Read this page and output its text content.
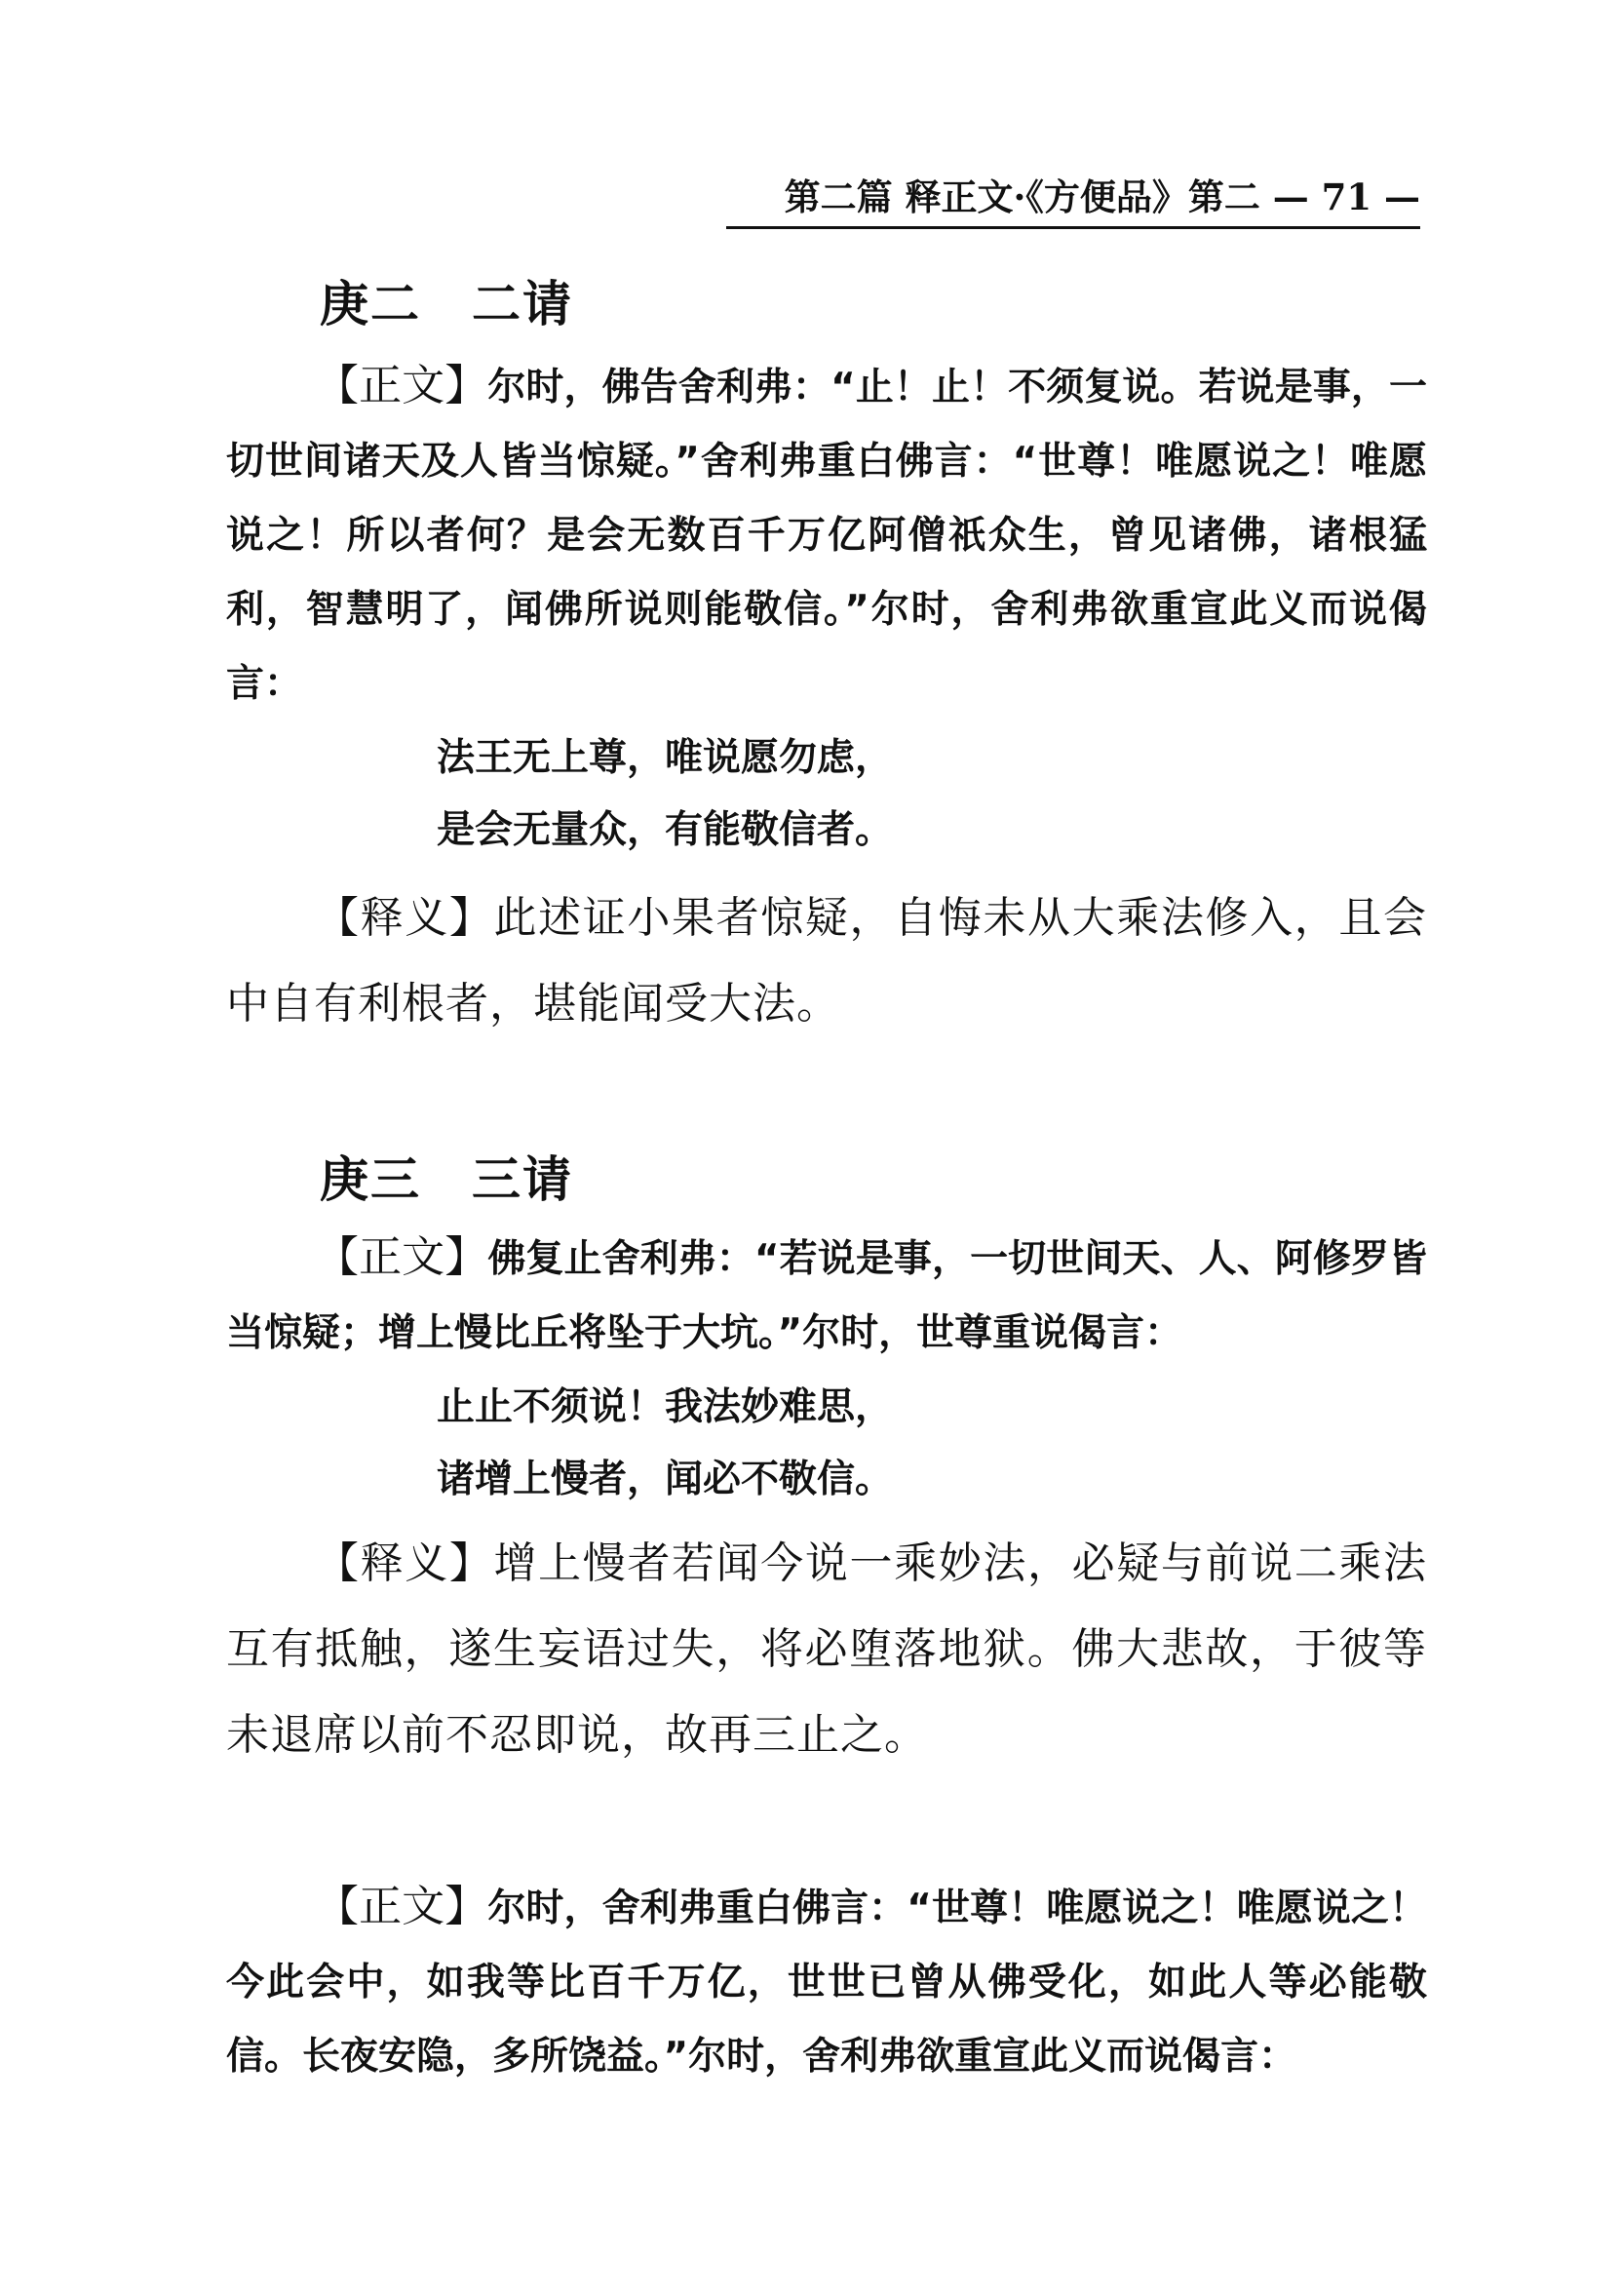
第二篇 释正文·《方便品》第二 — 71 —
庚二　二请

【正文】尔时，佛告舍利弗：“止！止！不须复说。若说是事，一切世间诸天及人皆当惊疑。”舍利弗重白佛言：“世尊！唯愿说之！唯愿说之！所以者何？是会无数百千万亿阿僧祇众生，曾见诸佛，诸根猛利，智慧明了，闻佛所说则能敬信。”尔时，舍利弗欲重宣此义而说偈言：

法王无上尊，唯说愿勿虑，

是会无量众，有能敬信者。

【释义】此述证小果者惊疑，自悔未从大乘法修入，且会中自有利根者，堪能闻受大法。

庚三　三请

【正文】佛复止舍利弗：“若说是事，一切世间天、人、阿修罗皆当惊疑；增上慢比丘将坠于大坑。”尔时，世尊重说偈言：

止止不须说！我法妙难思，

诸增上慢者，闻必不敬信。

【释义】增上慢者若闻今说一乘妙法，必疑与前说二乘法互有抵触，遂生妄语过失，将必堕落地狱。佛大悲故，于彼等未退席以前不忍即说，故再三止之。

【正文】尔时，舍利弗重白佛言：“世尊！唯愿说之！唯愿说之！今此会中，如我等比百千万亿，世世已曾从佛受化，如此人等必能敬信。长夜安隐，多所饶益。”尔时，舍利弗欲重宣此义而说偈言：
